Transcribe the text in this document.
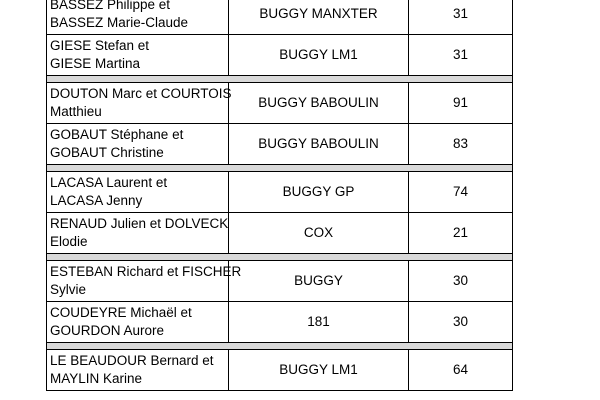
BASSEZ Philippe et
BASSEZ Marie-Claude	BUGGY MANXTER	31

GIESE Stefan et
GIESE Martina	BUGGY LM1	31

DOUTON Marc et COURTOIS
Matthieu	BUGGY BABOULIN	91

GOBAUT Stéphane et
GOBAUT Christine	BUGGY BABOULIN	83

LACASA Laurent et
LACASA Jenny	BUGGY GP	74

RENAUD Julien et DOLVECK
Elodie	COX	21

ESTEBAN Richard et FISCHER
Sylvie	BUGGY	30

COUDEYRE Michaël et
GOURDON Aurore	181	30

LE BEAUDOUR Bernard et
MAYLIN Karine	BUGGY LM1	64
